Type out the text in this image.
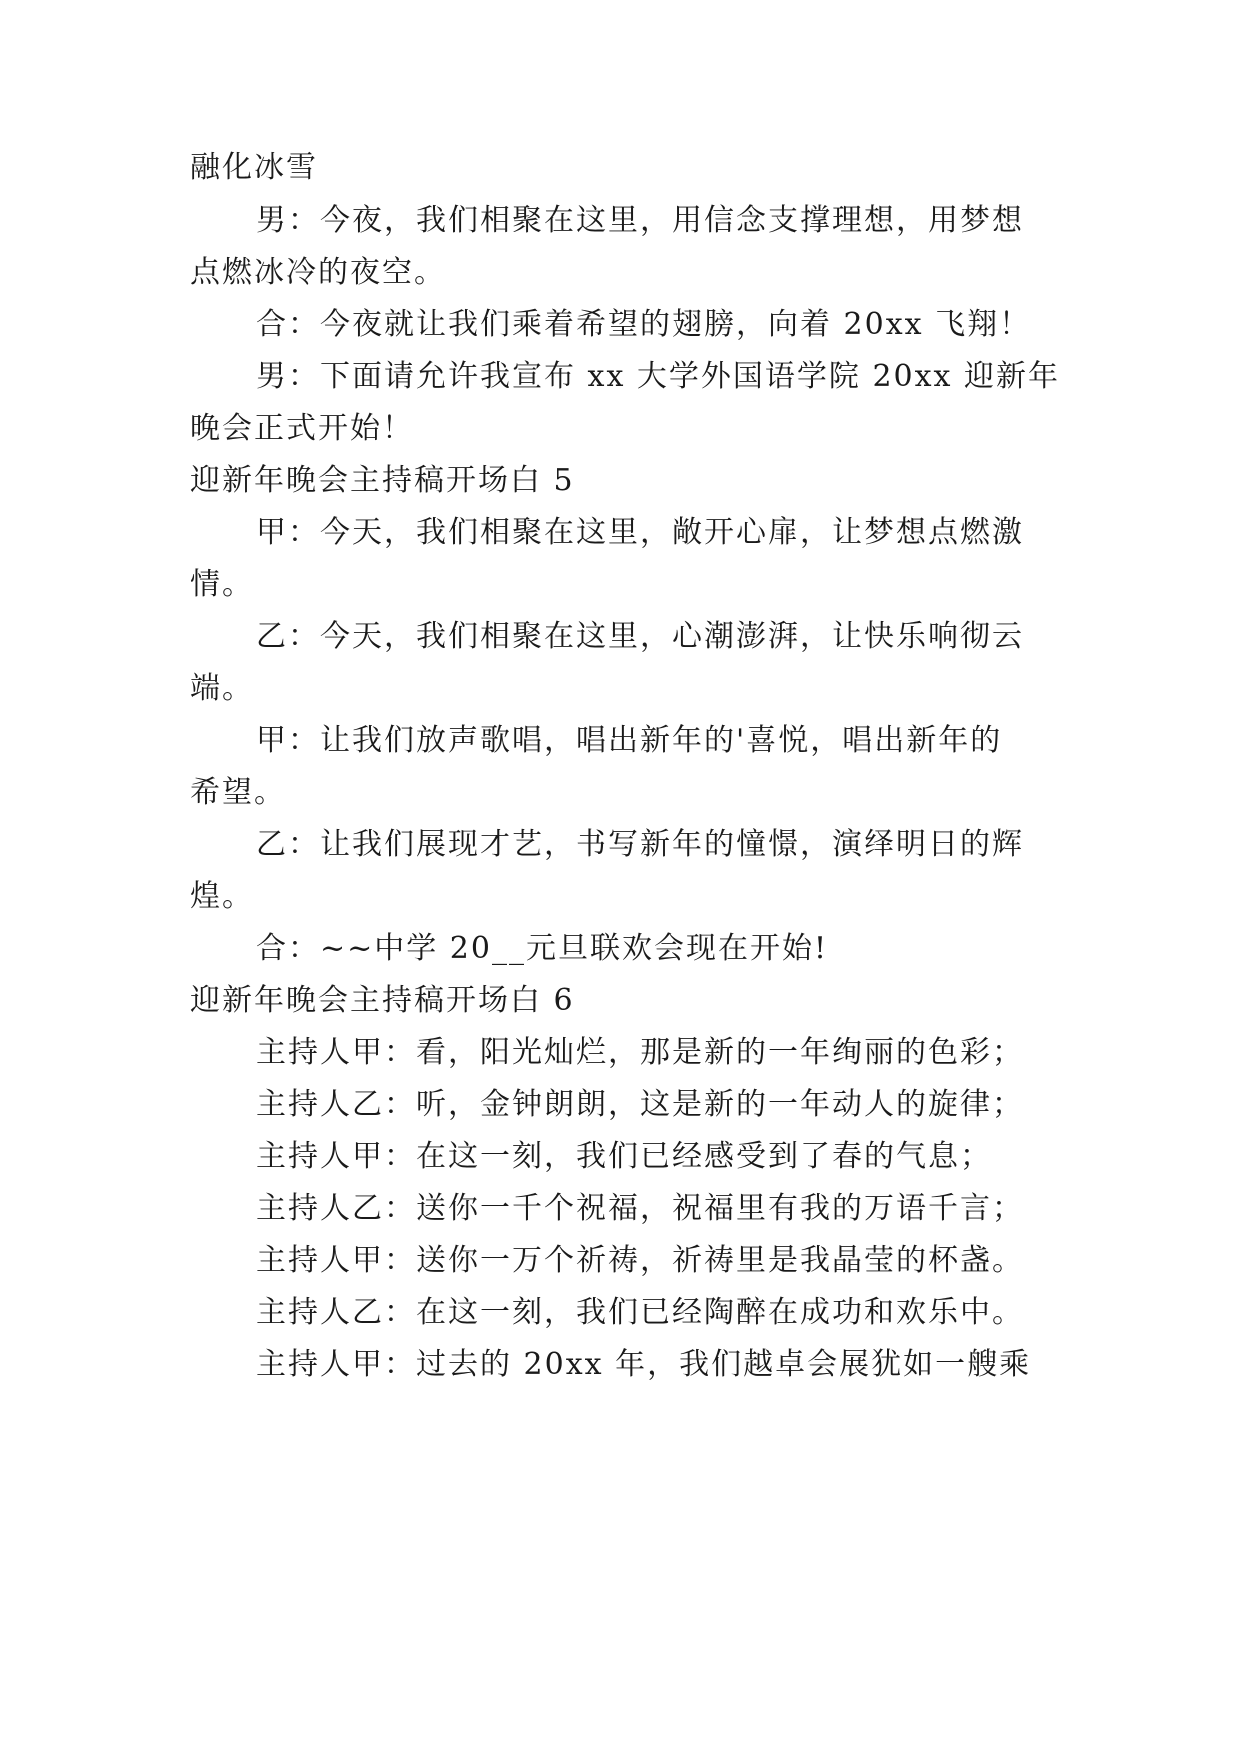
融化冰雪
男：今夜，我们相聚在这里，用信念支撑理想，用梦想
点燃冰冷的夜空。
合：今夜就让我们乘着希望的翅膀，向着 20xx 飞翔！
男：下面请允许我宣布 xx 大学外国语学院 20xx 迎新年
晚会正式开始！
迎新年晚会主持稿开场白 5
甲：今天，我们相聚在这里，敞开心扉，让梦想点燃激
情。
乙：今天，我们相聚在这里，心潮澎湃，让快乐响彻云
端。
甲：让我们放声歌唱，唱出新年的'喜悦，唱出新年的
希望。
乙：让我们展现才艺，书写新年的憧憬，演绎明日的辉
煌。
合：~~中学 20__元旦联欢会现在开始!
迎新年晚会主持稿开场白 6
主持人甲：看，阳光灿烂，那是新的一年绚丽的色彩；
主持人乙：听，金钟朗朗，这是新的一年动人的旋律；
主持人甲：在这一刻，我们已经感受到了春的气息；
主持人乙：送你一千个祝福，祝福里有我的万语千言；
主持人甲：送你一万个祈祷，祈祷里是我晶莹的杯盏。
主持人乙：在这一刻，我们已经陶醉在成功和欢乐中。
主持人甲：过去的 20xx 年，我们越卓会展犹如一艘乘
